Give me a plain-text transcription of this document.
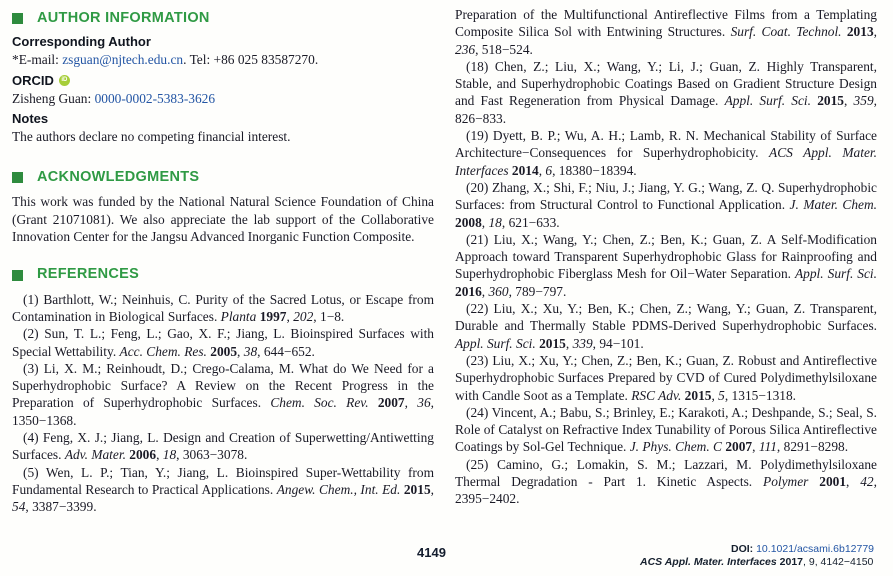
AUTHOR INFORMATION
Corresponding Author

*E-mail: zsguan@njtech.edu.cn. Tel: +86 025 83587270.

ORCID	iD

Zisheng Guan: 0000-0002-5383-3626

Notes

The authors declare no competing financial interest.

ACKNOWLEDGMENTS

This work was funded by the National Natural Science Foundation of China (Grant 21071081). We also appreciate the lab support of the Collaborative Innovation Center for the Jangsu Advanced Inorganic Function Composite.

REFERENCES

(1) Barthlott, W.; Neinhuis, C. Purity of the Sacred Lotus, or Escape from Contamination in Biological Surfaces. Planta 1997, 202, 1−8.

(2) Sun, T. L.; Feng, L.; Gao, X. F.; Jiang, L. Bioinspired Surfaces with Special Wettability. Acc. Chem. Res. 2005, 38, 644−652.

(3) Li, X. M.; Reinhoudt, D.; Crego-Calama, M. What do We Need for a Superhydrophobic Surface? A Review on the Recent Progress in the Preparation of Superhydrophobic Surfaces. Chem. Soc. Rev. 2007, 36, 1350−1368.

(4) Feng, X. J.; Jiang, L. Design and Creation of Superwetting/Antiwetting Surfaces. Adv. Mater. 2006, 18, 3063−3078.

(5) Wen, L. P.; Tian, Y.; Jiang, L. Bioinspired Super-Wettability from Fundamental Research to Practical Applications. Angew. Chem., Int. Ed. 2015, 54, 3387−3399.

Preparation of the Multifunctional Antireflective Films from a Templating Composite Silica Sol with Entwining Structures. Surf. Coat. Technol. 2013, 236, 518−524.

(18) Chen, Z.; Liu, X.; Wang, Y.; Li, J.; Guan, Z. Highly Transparent, Stable, and Superhydrophobic Coatings Based on Gradient Structure Design and Fast Regeneration from Physical Damage. Appl. Surf. Sci. 2015, 359, 826−833.

(19) Dyett, B. P.; Wu, A. H.; Lamb, R. N. Mechanical Stability of Surface Architecture−Consequences for Superhydrophobicity. ACS Appl. Mater. Interfaces 2014, 6, 18380−18394.

(20) Zhang, X.; Shi, F.; Niu, J.; Jiang, Y. G.; Wang, Z. Q. Superhydrophobic Surfaces: from Structural Control to Functional Application. J. Mater. Chem. 2008, 18, 621−633.

(21) Liu, X.; Wang, Y.; Chen, Z.; Ben, K.; Guan, Z. A Self-Modification Approach toward Transparent Superhydrophobic Glass for Rainproofing and Superhydrophobic Fiberglass Mesh for Oil−Water Separation. Appl. Surf. Sci. 2016, 360, 789−797.

(22) Liu, X.; Xu, Y.; Ben, K.; Chen, Z.; Wang, Y.; Guan, Z. Transparent, Durable and Thermally Stable PDMS-Derived Superhydrophobic Surfaces. Appl. Surf. Sci. 2015, 339, 94−101.

(23) Liu, X.; Xu, Y.; Chen, Z.; Ben, K.; Guan, Z. Robust and Antireflective Superhydrophobic Surfaces Prepared by CVD of Cured Polydimethylsiloxane with Candle Soot as a Template. RSC Adv. 2015, 5, 1315−1318.

(24) Vincent, A.; Babu, S.; Brinley, E.; Karakoti, A.; Deshpande, S.; Seal, S. Role of Catalyst on Refractive Index Tunability of Porous Silica Antireflective Coatings by Sol-Gel Technique. J. Phys. Chem. C 2007, 111, 8291−8298.

(25) Camino, G.; Lomakin, S. M.; Lazzari, M. Polydimethylsiloxane Thermal Degradation - Part 1. Kinetic Aspects. Polymer 2001, 42, 2395−2402.

4149	DOI: 10.1021/acsami.6b12779
ACS Appl. Mater. Interfaces 2017, 9, 4142−4150
